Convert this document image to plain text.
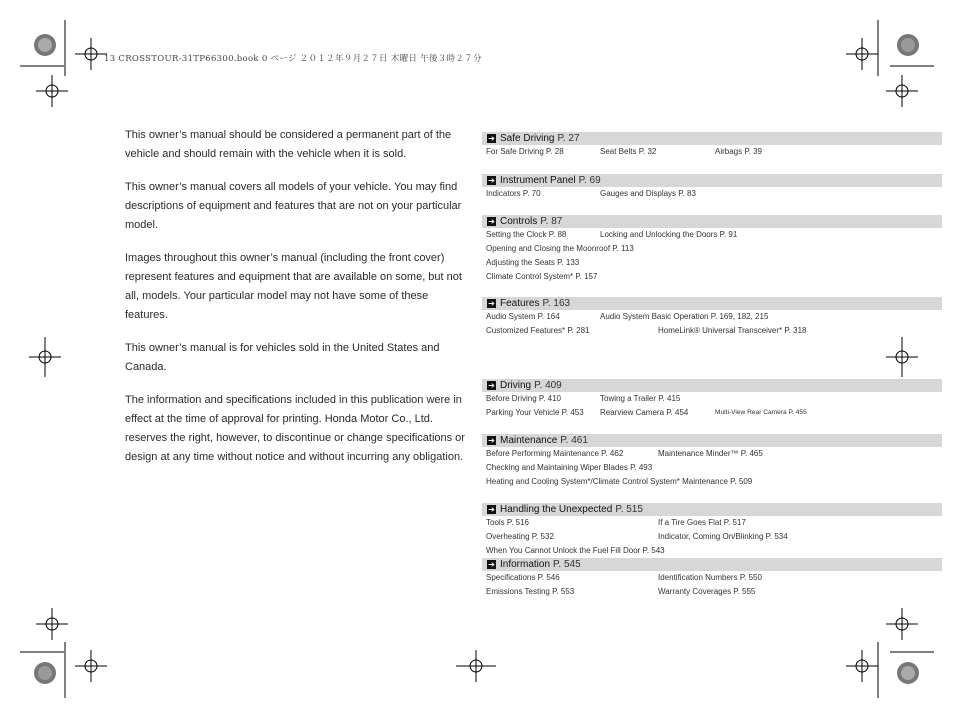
13 CROSSTOUR-31TP66300.book 0 ページ ２０１２年９月２７日 木曜日 午後３時２７分

This owner’s manual should be considered a permanent part of the vehicle and should remain with the vehicle when it is sold.

This owner’s manual covers all models of your vehicle. You may find descriptions of equipment and features that are not on your particular model.

Images throughout this owner’s manual (including the front cover) represent features and equipment that are available on some, but not all, models. Your particular model may not have some of these features.

This owner’s manual is for vehicles sold in the United States and Canada.

The information and specifications included in this publication were in effect at the time of approval for printing. Honda Motor Co., Ltd. reserves the right, however, to discontinue or change specifications or design at any time without notice and without incurring any obligation.

➔ Safe Driving P. 27
For Safe Driving P. 28	Seat Belts P. 32	Airbags P. 39
➔ Instrument Panel P. 69
Indicators P. 70	Gauges and Displays P. 83
➔ Controls P. 87
Setting the Clock P. 88	Locking and Unlocking the Doors P. 91
Opening and Closing the Moonroof P. 113
Adjusting the Seats P. 133
Climate Control System* P. 157
➔ Features P. 163
Audio System P. 164	Audio System Basic Operation P. 169, 182, 215
Customized Features* P. 281	HomeLink® Universal Transceiver* P. 318
➔ Driving P. 409
Before Driving P. 410	Towing a Trailer P. 415
Parking Your Vehicle P. 453 Rearview Camera P. 454	Multi-View Rear Camera P. 455
➔ Maintenance P. 461
Before Performing Maintenance P. 462	Maintenance Minder™ P. 465
Checking and Maintaining Wiper Blades P. 493
Heating and Cooling System*/Climate Control System* Maintenance P. 509
➔ Handling the Unexpected P. 515
Tools P. 516	If a Tire Goes Flat P. 517
Overheating P. 532	Indicator, Coming On/Blinking P. 534
When You Cannot Unlock the Fuel Fill Door P. 543
➔ Information P. 545
Specifications P. 546	Identification Numbers P. 550
Emissions Testing P. 553	Warranty Coverages P. 555
